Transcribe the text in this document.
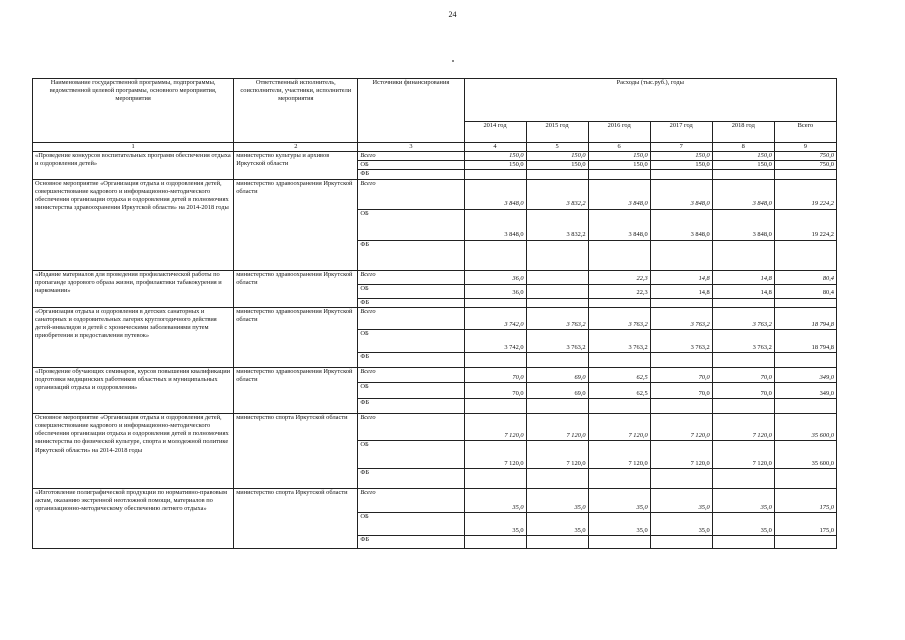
24
Наименование государственной программы, подпрограммы, ведомственной целевой программы, основного мероприятия, мероприятия	Ответственный исполнитель, соисполнители, участники, исполнители мероприятия	Источники финансирования	Расходы (тыс.руб.), годы					
			2014 год	2015 год	2016 год	2017 год	2018 год	Всего
1	2	3	4	5	6	7	8	9
«Проведение конкурсов воспитательных программ обеспечения отдыха и оздоровления детей»	министерство культуры и архивов Иркутской области	Всего	150,0	150,0	150,0	150,0	150,0	750,0
		ОБ	150,0	150,0	150,0	150,0	150,0	750,0
		ФБ						
Основное мероприятие «Организация отдыха и оздоровления детей, совершенствование кадрового и информационно-методического обеспечения организации отдыха и оздоровления детей в полномочиях министерства здравоохранения Иркутской области» на 2014-2018 годы	министерство здравоохранения Иркутской области	Всего	3 848,0	3 832,2	3 848,0	3 848,0	3 848,0	19 224,2
		ОБ	3 848,0	3 832,2	3 848,0	3 848,0	3 848,0	19 224,2
		ФБ						
«Издание материалов для проведения профилактической работы по пропаганде здорового образа жизни, профилактики табакокурения и наркомании»	министерство здравоохранения Иркутской области	Всего	36,0		22,3	14,8	14,8	80,4
		ОБ	36,0		22,3	14,8	14,8	80,4
		ФБ						
«Организация отдыха и оздоровления в детских санаторных и санаторных и оздоровительных лагерях круглогодичного действия детей-инвалидов и детей с хроническими заболеваниями путем приобретения и предоставления путевок»	министерство здравоохранения Иркутской области	Всего	3 742,0	3 763,2	3 763,2	3 763,2	3 763,2	18 794,8
		ОБ	3 742,0	3 763,2	3 763,2	3 763,2	3 763,2	18 794,8
		ФБ						
«Проведение обучающих семинаров, курсов повышения квалификации подготовки медицинских работников областных и муниципальных организаций отдыха и оздоровления»	министерство здравоохранения Иркутской области	Всего	70,0	69,0	62,5	70,0	70,0	349,0
		ОБ	70,0	69,0	62,5	70,0	70,0	349,0
		ФБ						
Основное мероприятие «Организация отдыха и оздоровления детей, совершенствование кадрового и информационно-методического обеспечения организации отдыха и оздоровления детей в полномочиях министерства по физической культуре, спорта и молодежной политике Иркутской области» на 2014-2018 годы	министерство спорта Иркутской области	Всего	7 120,0	7 120,0	7 120,0	7 120,0	7 120,0	35 600,0
		ОБ	7 120,0	7 120,0	7 120,0	7 120,0	7 120,0	35 600,0
		ФБ						
«Изготовление полиграфической продукции по нормативно-правовым актам, оказанию экстренной неотложной помощи, материалов по организационно-методическому обеспечению летнего отдыха»	министерство спорта Иркутской области	Всего	35,0	35,0	35,0	35,0	35,0	175,0
		ОБ	35,0	35,0	35,0	35,0	35,0	175,0
		ФБ						
